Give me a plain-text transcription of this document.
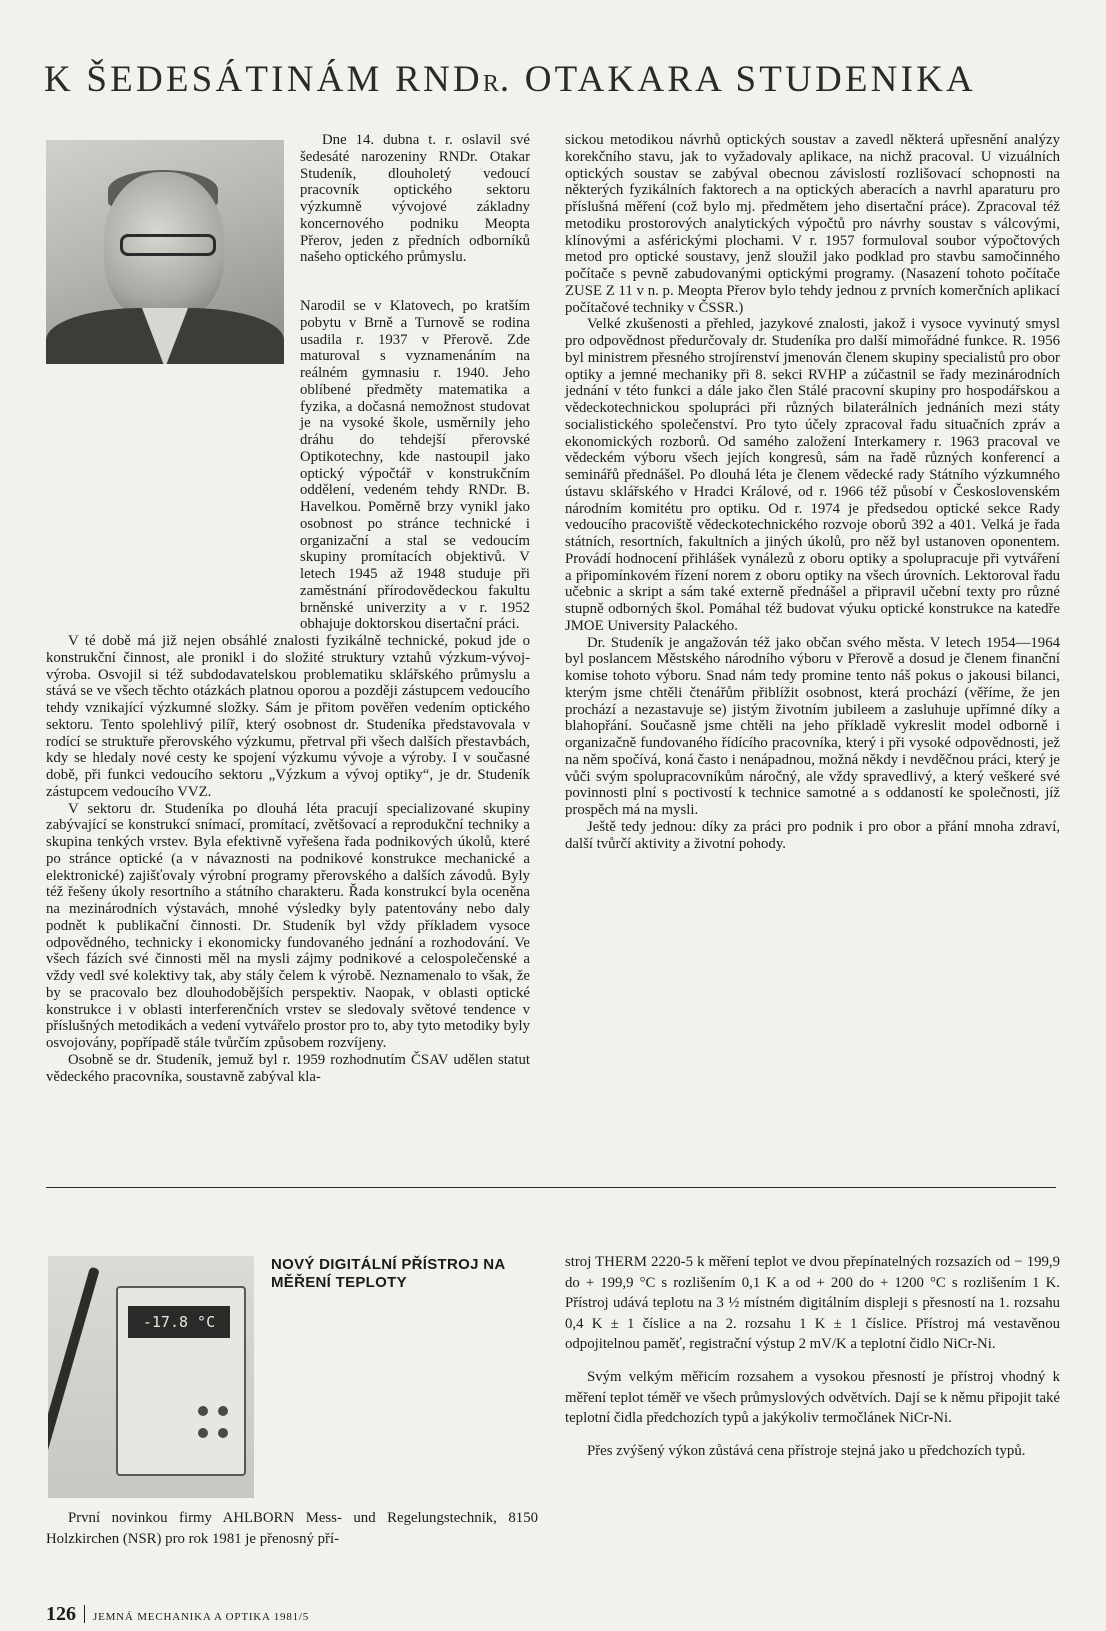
K ŠEDESÁTINÁM RNDR. OTAKARA STUDENIKA

Dne 14. dubna t. r. oslavil své šedesáté narozeniny RNDr. Otakar Studeník, dlouholetý vedoucí pracovník optického sektoru výzkumně vývojové základny koncernového podniku Meopta Přerov, jeden z předních odborníků našeho optického průmyslu.

Narodil se v Klatovech, po kratším pobytu v Brně a Turnově se rodina usadila r. 1937 v Přerově. Zde maturoval s vyznamenáním na reálném gymnasiu r. 1940. Jeho oblíbené předměty matematika a fyzika, a dočasná nemožnost studovat je na vysoké škole, usměrnily jeho dráhu do tehdejší přerovské Optikotechny, kde nastoupil jako optický výpočtář v konstrukčním oddělení, vedeném tehdy RNDr. B. Havelkou. Poměrně brzy vynikl jako osobnost po stránce technické i organizační a stal se vedoucím skupiny promítacích objektivů. V letech 1945 až 1948 studuje při zaměstnání přírodovědeckou fakultu brněnské univerzity a v r. 1952 obhajuje doktorskou disertační práci.

V té době má již nejen obsáhlé znalosti fyzikálně technické, pokud jde o konstrukční činnost, ale pronikl i do složité struktury vztahů výzkum-vývoj-výroba. Osvojil si též subdodavatelskou problematiku sklářského průmyslu a stává se ve všech těchto otázkách platnou oporou a později zástupcem vedoucího tehdy vznikající výzkumné složky. Sám je přitom pověřen vedením optického sektoru. Tento spolehlivý pilíř, který osobnost dr. Studeníka představovala v rodící se struktuře přerovského výzkumu, přetrval při všech dalších přestavbách, kdy se hledaly nové cesty ke spojení výzkumu vývoje a výroby. I v současné době, při funkci vedoucího sektoru „Výzkum a vývoj optiky“, je dr. Studeník zástupcem vedoucího VVZ.

V sektoru dr. Studeníka po dlouhá léta pracují specializované skupiny zabývající se konstrukcí snímací, promítací, zvětšovací a reprodukční techniky a skupina tenkých vrstev. Byla efektivně vyřešena řada podnikových úkolů, které po stránce optické (a v návaznosti na podnikové konstrukce mechanické a elektronické) zajišťovaly výrobní programy přerovského a dalších závodů. Byly též řešeny úkoly resortního a státního charakteru. Řada konstrukcí byla oceněna na mezinárodních výstavách, mnohé výsledky byly patentovány nebo daly podnět k publikační činnosti. Dr. Studeník byl vždy příkladem vysoce odpovědného, technicky i ekonomicky fundovaného jednání a rozhodování. Ve všech fázích své činnosti měl na mysli zájmy podnikové a celospolečenské a vždy vedl své kolektivy tak, aby stály čelem k výrobě. Neznamenalo to však, že by se pracovalo bez dlouhodobějších perspektiv. Naopak, v oblasti optické konstrukce i v oblasti interferenčních vrstev se sledovaly světové tendence v příslušných metodikách a vedení vytvářelo prostor pro to, aby tyto metodiky byly osvojovány, popřípadě stále tvůrčím způsobem rozvíjeny.

Osobně se dr. Studeník, jemuž byl r. 1959 rozhodnutím ČSAV udělen statut vědeckého pracovníka, soustavně zabýval kla-

sickou metodikou návrhů optických soustav a zavedl některá upřesnění analýzy korekčního stavu, jak to vyžadovaly aplikace, na nichž pracoval. U vizuálních optických soustav se zabýval obecnou závislostí rozlišovací schopnosti na některých fyzikálních faktorech a na optických aberacích a navrhl aparaturu pro příslušná měření (což bylo mj. předmětem jeho disertační práce). Zpracoval též metodiku prostorových analytických výpočtů pro návrhy soustav s válcovými, klínovými a asférickými plochami. V r. 1957 formuloval soubor výpočtových metod pro optické soustavy, jenž sloužil jako podklad pro stavbu samočinného počítače s pevně zabudovanými optickými programy. (Nasazení tohoto počítače ZUSE Z 11 v n. p. Meopta Přerov bylo tehdy jednou z prvních komerčních aplikací počítačové techniky v ČSSR.)

Velké zkušenosti a přehled, jazykové znalosti, jakož i vysoce vyvinutý smysl pro odpovědnost předurčovaly dr. Studeníka pro další mimořádné funkce. R. 1956 byl ministrem přesného strojírenství jmenován členem skupiny specialistů pro obor optiky a jemné mechaniky při 8. sekci RVHP a zúčastnil se řady mezinárodních jednání v této funkci a dále jako člen Stálé pracovní skupiny pro hospodářskou a vědeckotechnickou spolupráci při různých bilaterálních jednáních mezi státy socialistického společenství. Pro tyto účely zpracoval řadu situačních zpráv a ekonomických rozborů. Od samého založení Interkamery r. 1963 pracoval ve vědeckém výboru všech jejích kongresů, sám na řadě různých konferencí a seminářů přednášel. Po dlouhá léta je členem vědecké rady Státního výzkumného ústavu sklářského v Hradci Králové, od r. 1966 též působí v Československém národním komitétu pro optiku. Od r. 1974 je předsedou optické sekce Rady vedoucího pracoviště vědeckotechnického rozvoje oborů 392 a 401. Velká je řada státních, resortních, fakultních a jiných úkolů, pro něž byl ustanoven oponentem. Provádí hodnocení přihlášek vynálezů z oboru optiky a spolupracuje při vytváření a připomínkovém řízení norem z oboru optiky na všech úrovních. Lektoroval řadu učebnic a skript a sám také externě přednášel a připravil učební texty pro různé stupně odborných škol. Pomáhal též budovat výuku optické konstrukce na katedře JMOE University Palackého.

Dr. Studeník je angažován též jako občan svého města. V letech 1954—1964 byl poslancem Městského národního výboru v Přerově a dosud je členem finanční komise tohoto výboru. Snad nám tedy promine tento náš pokus o jakousi bilanci, kterým jsme chtěli čtenářům přiblížit osobnost, která prochází (věříme, že jen prochází a nezastavuje se) jistým životním jubileem a zasluhuje upřímné díky a blahopřání. Současně jsme chtěli na jeho příkladě vykreslit model odborně i organizačně fundovaného řídícího pracovníka, který i při vysoké odpovědnosti, jež na něm spočívá, koná často i nenápadnou, možná někdy i nevděčnou práci, který je vůči svým spolupracovníkům náročný, ale vždy spravedlivý, a který veškeré své povinnosti plní s poctivostí k technice samotné a s oddaností ke společnosti, jíž prospěch má na mysli.

Ještě tedy jednou: díky za práci pro podnik i pro obor a přání mnoha zdraví, další tvůrčí aktivity a životní pohody.

-17.8 °C
NOVÝ DIGITÁLNÍ PŘÍSTROJ NA MĚŘENÍ TEPLOTY

První novinkou firmy AHLBORN Mess- und Regelungstechnik, 8150 Holzkirchen (NSR) pro rok 1981 je přenosný pří-

stroj THERM 2220-5 k měření teplot ve dvou přepínatelných rozsazích od − 199,9 do + 199,9 °C s rozlišením 0,1 K a od + 200 do + 1200 °C s rozlišením 1 K. Přístroj udává teplotu na 3 ½ místném digitálním displeji s přesností na 1. rozsahu 0,4 K ± 1 číslice a na 2. rozsahu 1 K ± 1 číslice. Přístroj má vestavěnou odpojitelnou paměť, registrační výstup 2 mV/K a teplotní čidlo NiCr-Ni.

Svým velkým měřicím rozsahem a vysokou přesností je přístroj vhodný k měření teplot téměř ve všech průmyslových odvětvích. Dají se k němu připojit také teplotní čidla předchozích typů a jakýkoliv termočlánek NiCr-Ni.

Přes zvýšený výkon zůstává cena přístroje stejná jako u předchozích typů.

126 JEMNÁ MECHANIKA A OPTIKA 1981/5
